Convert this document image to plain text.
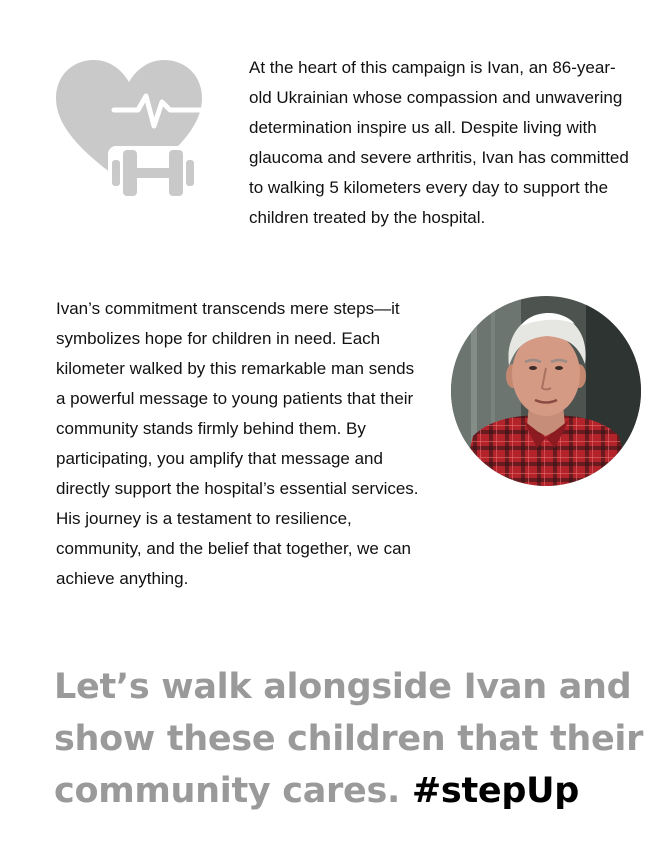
At the heart of this campaign is Ivan, an 86-year-old Ukrainian whose compassion and unwavering determination inspire us all. Despite living with glaucoma and severe arthritis, Ivan has committed to walking 5 kilometers every day to support the children treated by the hospital.

Ivan’s commitment transcends mere steps—it symbolizes hope for children in need. Each kilometer walked by this remarkable man sends a powerful message to young patients that their community stands firmly behind them. By participating, you amplify that message and directly support the hospital’s essential services. His journey is a testament to resilience, community, and the belief that together, we can achieve anything.

Let’s walk alongside Ivan and show these children that their community cares. #stepUp
